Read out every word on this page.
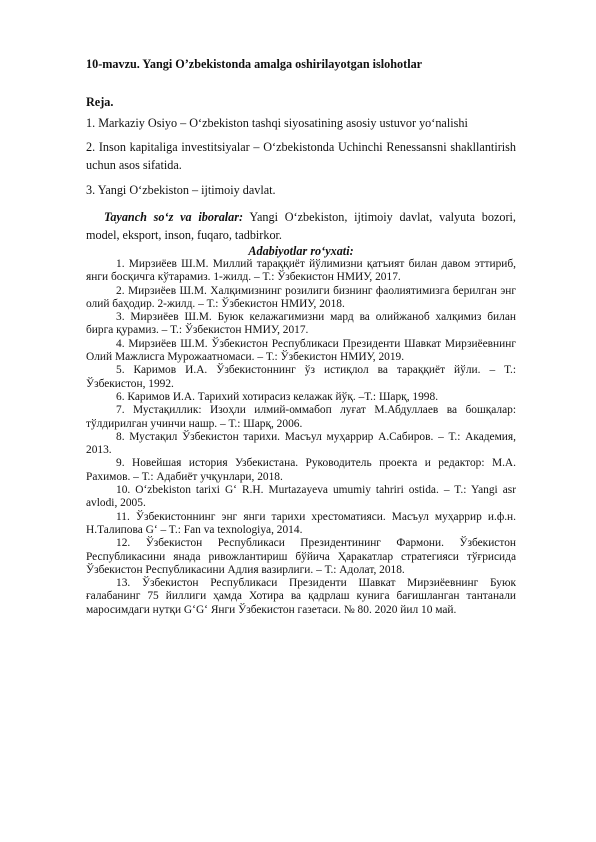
10-mavzu. Yangi O’zbekistonda amalga oshirilayotgan islohotlar

Reja.

1. Markaziy Osiyo – O‘zbekiston tashqi siyosatining asosiy ustuvor yo‘nalishi

2. Inson kapitaliga investitsiyalar – O‘zbekistonda Uchinchi Renessansni shakllantirish uchun asos sifatida.

3. Yangi O‘zbekiston – ijtimoiy davlat.

Tayanch so‘z va iboralar: Yangi O‘zbekiston, ijtimoiy davlat, valyuta bozori, model, eksport, inson, fuqaro, tadbirkor.

Adabiyotlar ro‘yxati:

1. Мирзиёев Ш.М. Миллий тараққиёт йўлимизни қатъият билан давом эттириб, янги босқичга кўтарамиз. 1-жилд. – Т.: Ўзбекистон НМИУ, 2017.
2. Мирзиёев Ш.М. Халқимизнинг розилиги бизнинг фаолиятимизга берилган энг олий баҳодир. 2-жилд. – Т.: Ўзбекистон НМИУ, 2018.
3. Мирзиёев Ш.М. Буюк келажагимизни мард ва олийжаноб халқимиз билан бирга қурамиз. – Т.: Ўзбекистон НМИУ, 2017.
4. Мирзиёев Ш.М. Ўзбекистон Республикаси Президенти Шавкат Мирзиёевнинг Олий Мажлисга Мурожаатномаси. – Т.: Ўзбекистон НМИУ, 2019.
5. Каримов И.А. Ўзбекистоннинг ўз истиқлол ва тараққиёт йўли. – Т.: Ўзбекистон, 1992.
6. Каримов И.А. Тарихий хотирасиз келажак йўқ. –Т.: Шарқ, 1998.
7. Мустақиллик: Изоҳли илмий-оммабоп луғат М.Абдуллаев ва бошқалар: тўлдирилган учинчи нашр. – Т.: Шарқ, 2006.
8. Мустақил Ўзбекистон тарихи. Масъул муҳаррир А.Сабиров. – Т.: Академия, 2013.
9. Новейшая история Узбекистана. Руководитель проекта и редактор: М.А. Рахимов. – Т.: Адабиёт учқунлари, 2018.
10. O‘zbekiston tarixi G‘ R.H. Murtazayeva umumiy tahriri ostida. – T.: Yangi asr avlodi, 2005.
11. Ўзбекистоннинг энг янги тарихи хрестоматияси. Масъул муҳаррир и.ф.н. Н.Талипова G‘ – T.: Fan va texnologiya, 2014.
12. Ўзбекистон Республикаси Президентининг Фармони. Ўзбекистон Республикасини янада ривожлантириш бўйича Ҳаракатлар стратегияси тўғрисида Ўзбекистон Республикасини Адлия вазирлиги. – Т.: Адолат, 2018.
13. Ўзбекистон Республикаси Президенти Шавкат Мирзиёевнинг Буюк ғалабанинг 75 йиллиги ҳамда Хотира ва қадрлаш кунига бағишланган тантанали маросимдаги нутқи G‘G‘ Янги Ўзбекистон газетаси. № 80. 2020 йил 10 май.
